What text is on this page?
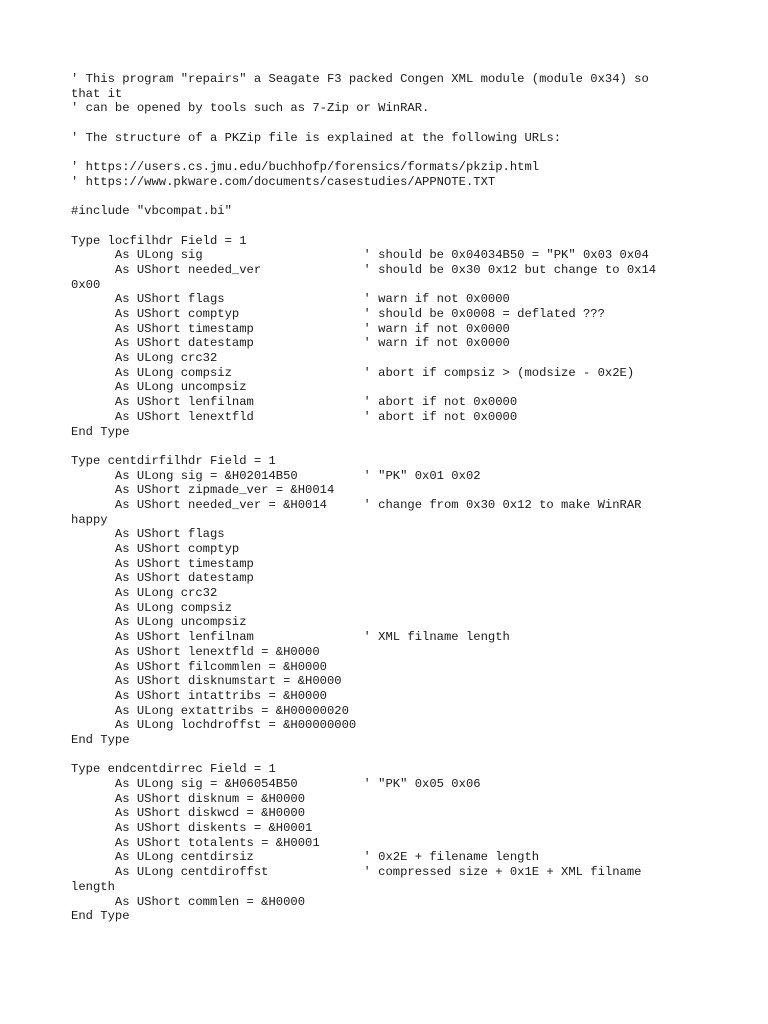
' This program "repairs" a Seagate F3 packed Congen XML module (module 0x34) so
that it
' can be opened by tools such as 7-Zip or WinRAR.
' The structure of a PKZip file is explained at the following URLs:
' https://users.cs.jmu.edu/buchhofp/forensics/formats/pkzip.html
' https://www.pkware.com/documents/casestudies/APPNOTE.TXT
#include "vbcompat.bi"
Type locfilhdr Field = 1
As ULong sig                      ' should be 0x04034B50 = "PK" 0x03 0x04
As UShort needed_ver              ' should be 0x30 0x12 but change to 0x14
0x00
As UShort flags                   ' warn if not 0x0000
As UShort comptyp                 ' should be 0x0008 = deflated ???
As UShort timestamp               ' warn if not 0x0000
As UShort datestamp               ' warn if not 0x0000
As ULong crc32
As ULong compsiz                  ' abort if compsiz > (modsize - 0x2E)
As ULong uncompsiz
As UShort lenfilnam               ' abort if not 0x0000
As UShort lenextfld               ' abort if not 0x0000
End Type
Type centdirfilhdr Field = 1
As ULong sig = &H02014B50         ' "PK" 0x01 0x02
As UShort zipmade_ver = &H0014
As UShort needed_ver = &H0014     ' change from 0x30 0x12 to make WinRAR
happy
As UShort flags
As UShort comptyp
As UShort timestamp
As UShort datestamp
As ULong crc32
As ULong compsiz
As ULong uncompsiz
As UShort lenfilnam               ' XML filname length
As UShort lenextfld = &H0000
As UShort filcommlen = &H0000
As UShort disknumstart = &H0000
As UShort intattribs = &H0000
As ULong extattribs = &H00000020
As ULong lochdroffst = &H00000000
End Type
Type endcentdirrec Field = 1
As ULong sig = &H06054B50         ' "PK" 0x05 0x06
As UShort disknum = &H0000
As UShort diskwcd = &H0000
As UShort diskents = &H0001
As UShort totalents = &H0001
As ULong centdirsiz               ' 0x2E + filename length
As ULong centdiroffst             ' compressed size + 0x1E + XML filname
length
As UShort commlen = &H0000
End Type
